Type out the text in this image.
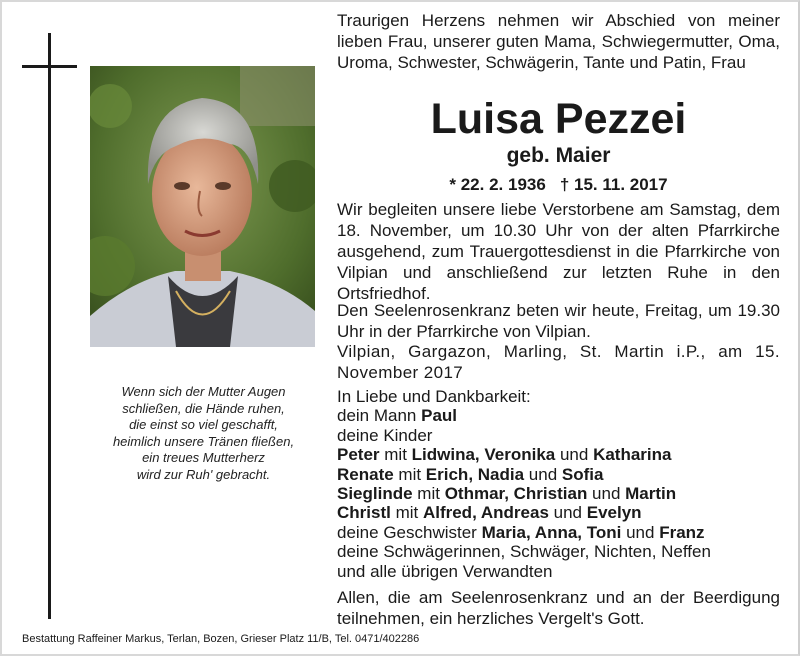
Wenn sich der Mutter Augen
schließen, die Hände ruhen,
die einst so viel geschafft,
heimlich unsere Tränen fließen,
ein treues Mutterherz
wird zur Ruh' gebracht.
Traurigen Herzens nehmen wir Abschied von meiner lieben Frau, unserer guten Mama, Schwiegermutter, Oma, Uroma, Schwester, Schwägerin, Tante und Patin, Frau
Luisa Pezzei
geb. Maier
* 22. 2. 1936 † 15. 11. 2017
Wir begleiten unsere liebe Verstorbene am Samstag, dem 18. November, um 10.30 Uhr von der alten Pfarrkirche ausgehend, zum Trauergottesdienst in die Pfarrkirche von Vilpian und anschließend zur letzten Ruhe in den Ortsfriedhof.
Den Seelenrosenkranz beten wir heute, Freitag, um 19.30 Uhr in der Pfarrkirche von Vilpian.
Vilpian, Gargazon, Marling, St. Martin i.P., am 15. November 2017
In Liebe und Dankbarkeit:
dein Mann Paul
deine Kinder
Peter mit Lidwina, Veronika und Katharina
Renate mit Erich, Nadia und Sofia
Sieglinde mit Othmar, Christian und Martin
Christl mit Alfred, Andreas und Evelyn
deine Geschwister Maria, Anna, Toni und Franz
deine Schwägerinnen, Schwäger, Nichten, Neffen
und alle übrigen Verwandten
Allen, die am Seelenrosenkranz und an der Beerdigung teilnehmen, ein herzliches Vergelt's Gott.
Bestattung Raffeiner Markus, Terlan, Bozen, Grieser Platz 11/B, Tel. 0471/402286
